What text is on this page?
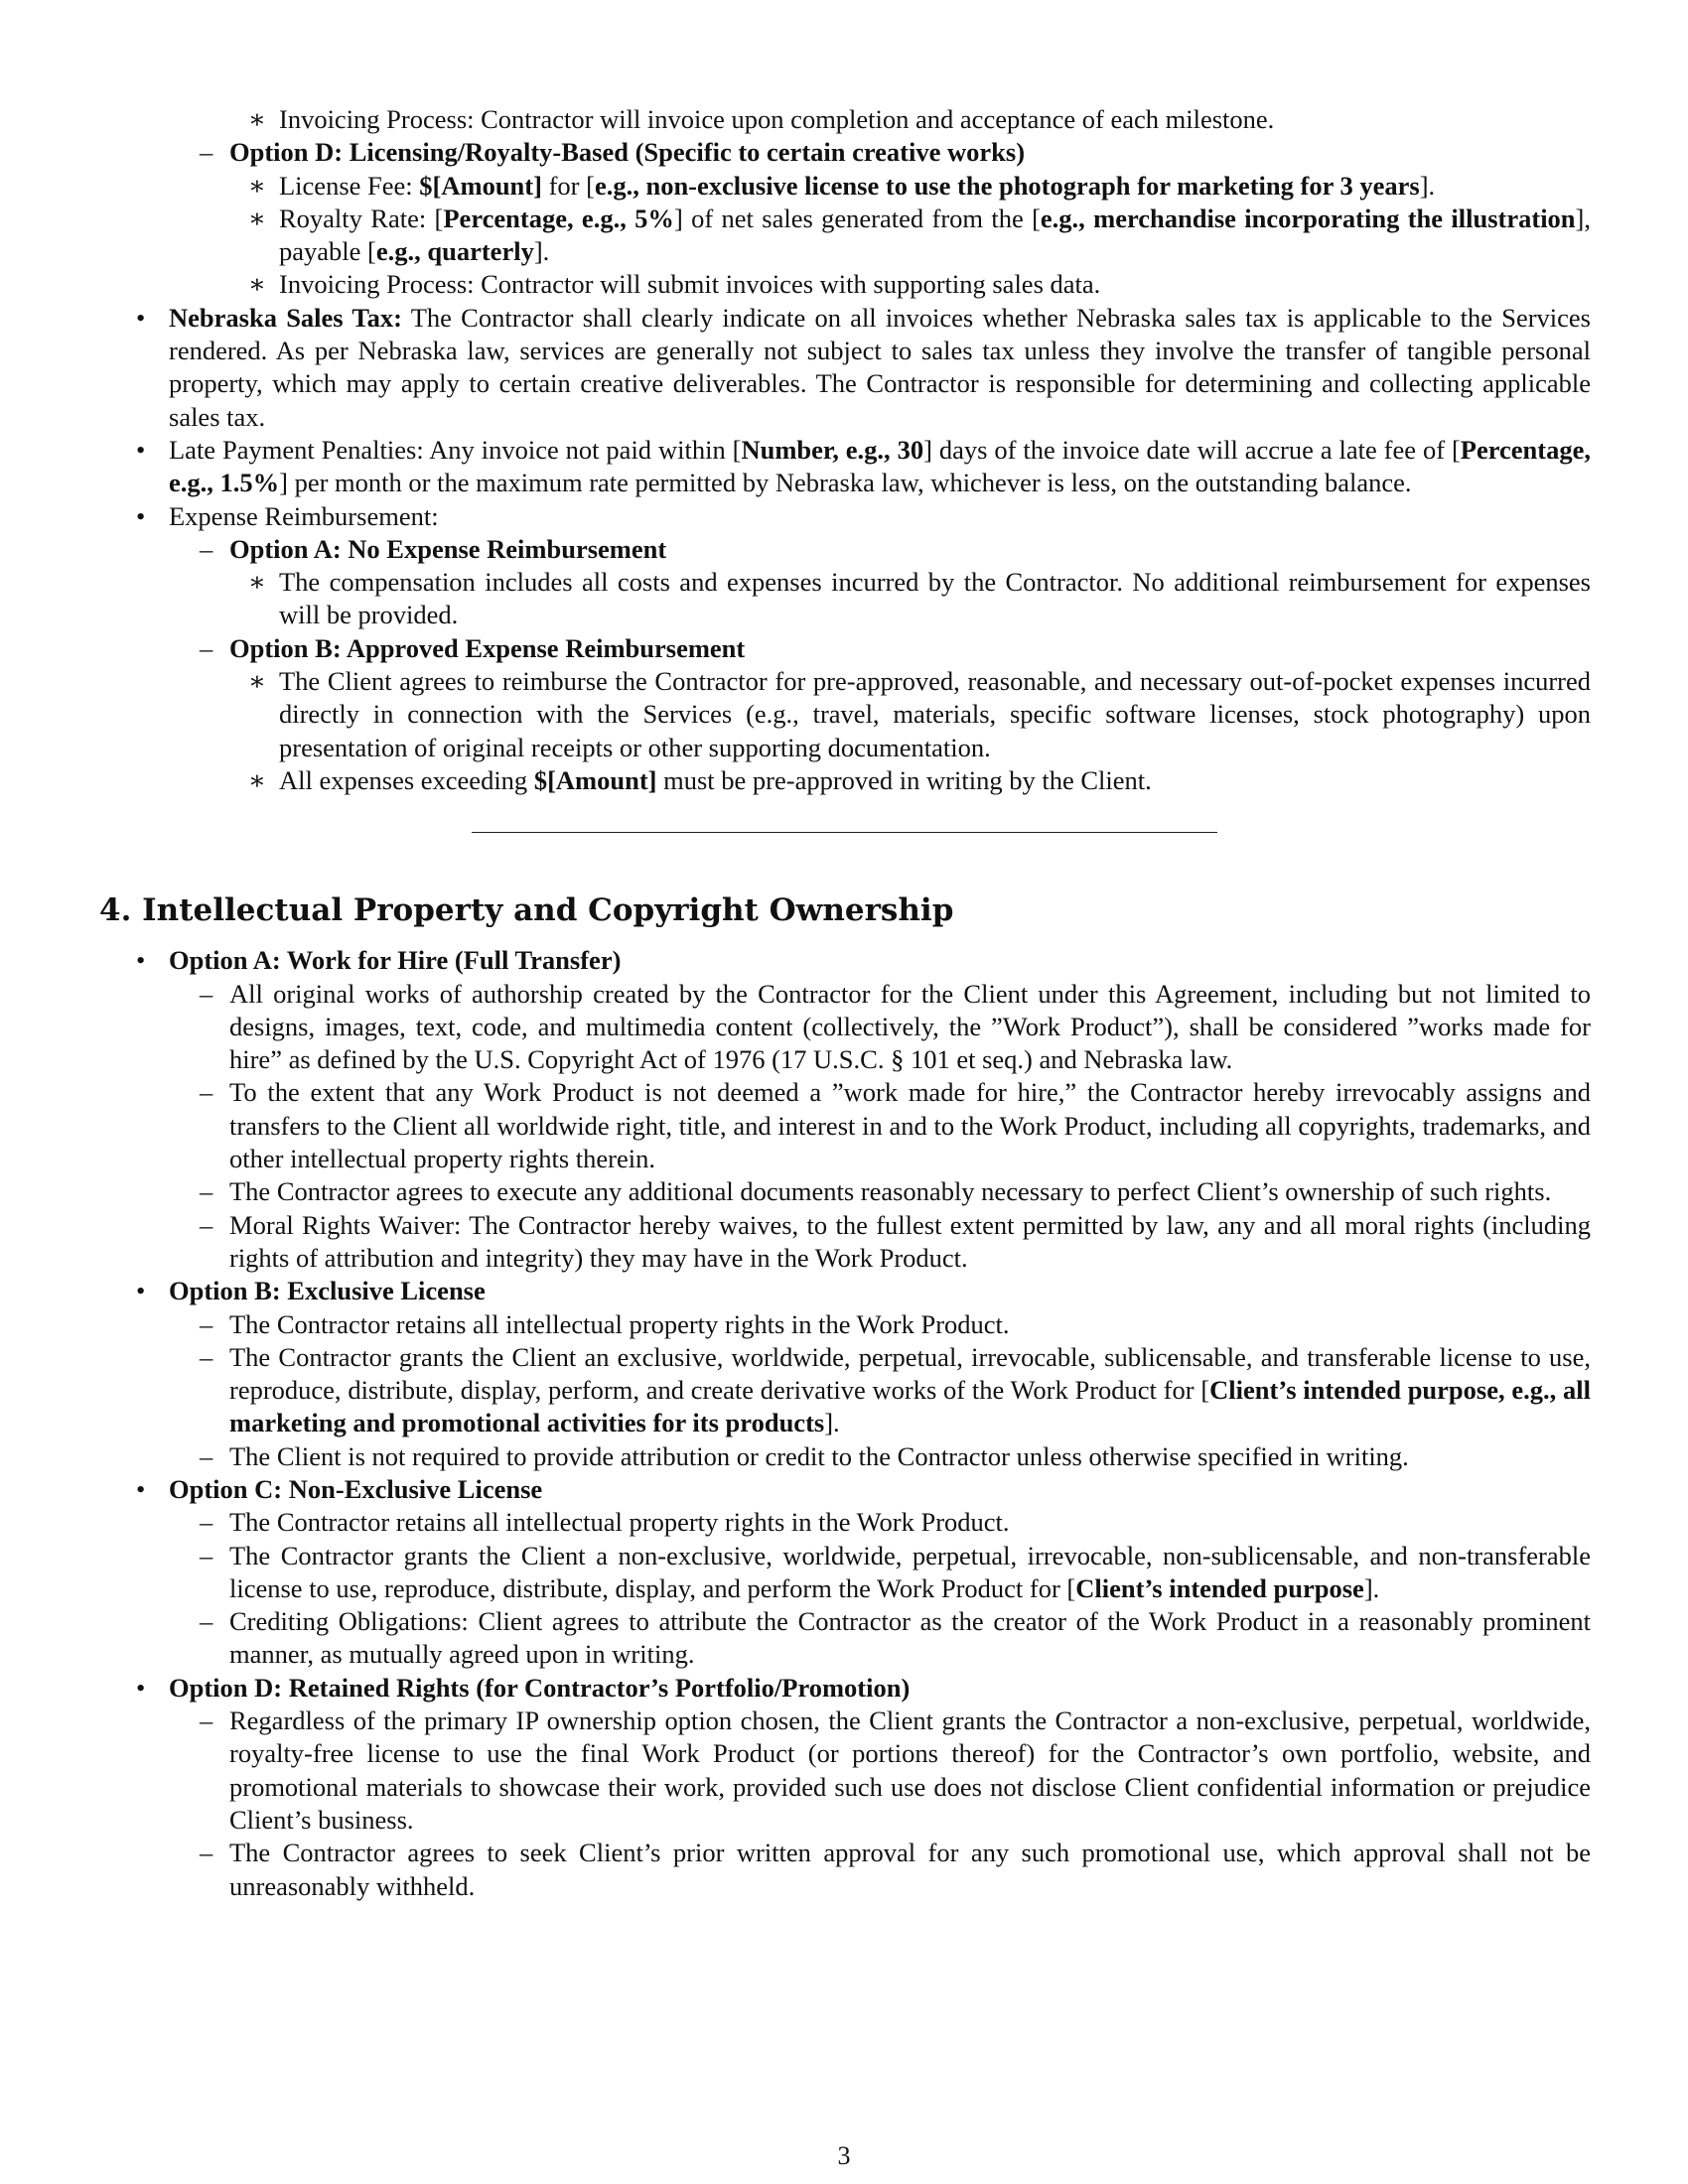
∗ Invoicing Process: Contractor will invoice upon completion and acceptance of each milestone.
– Option D: Licensing/Royalty-Based (Specific to certain creative works)
∗ License Fee: $[Amount] for [e.g., non-exclusive license to use the photograph for marketing for 3 years].
∗ Royalty Rate: [Percentage, e.g., 5%] of net sales generated from the [e.g., merchandise incorporating the illustration], payable [e.g., quarterly].
∗ Invoicing Process: Contractor will submit invoices with supporting sales data.
• Nebraska Sales Tax: The Contractor shall clearly indicate on all invoices whether Nebraska sales tax is applicable to the Services rendered. As per Nebraska law, services are generally not subject to sales tax unless they involve the transfer of tangible personal property, which may apply to certain creative deliverables. The Contractor is responsible for determining and collecting applicable sales tax.
• Late Payment Penalties: Any invoice not paid within [Number, e.g., 30] days of the invoice date will accrue a late fee of [Percentage, e.g., 1.5%] per month or the maximum rate permitted by Nebraska law, whichever is less, on the outstanding balance.
• Expense Reimbursement:
– Option A: No Expense Reimbursement
∗ The compensation includes all costs and expenses incurred by the Contractor. No additional reimbursement for expenses will be provided.
– Option B: Approved Expense Reimbursement
∗ The Client agrees to reimburse the Contractor for pre-approved, reasonable, and necessary out-of-pocket expenses incurred directly in connection with the Services (e.g., travel, materials, specific software licenses, stock photography) upon presentation of original receipts or other supporting documentation.
∗ All expenses exceeding $[Amount] must be pre-approved in writing by the Client.
4. Intellectual Property and Copyright Ownership
• Option A: Work for Hire (Full Transfer)
– All original works of authorship created by the Contractor for the Client under this Agreement, including but not limited to designs, images, text, code, and multimedia content (collectively, the ”Work Product”), shall be considered ”works made for hire” as defined by the U.S. Copyright Act of 1976 (17 U.S.C. § 101 et seq.) and Nebraska law.
– To the extent that any Work Product is not deemed a ”work made for hire,” the Contractor hereby irrevocably assigns and transfers to the Client all worldwide right, title, and interest in and to the Work Product, including all copyrights, trademarks, and other intellectual property rights therein.
– The Contractor agrees to execute any additional documents reasonably necessary to perfect Client’s ownership of such rights.
– Moral Rights Waiver: The Contractor hereby waives, to the fullest extent permitted by law, any and all moral rights (including rights of attribution and integrity) they may have in the Work Product.
• Option B: Exclusive License
– The Contractor retains all intellectual property rights in the Work Product.
– The Contractor grants the Client an exclusive, worldwide, perpetual, irrevocable, sublicensable, and transferable license to use, reproduce, distribute, display, perform, and create derivative works of the Work Product for [Client’s intended purpose, e.g., all marketing and promotional activities for its products].
– The Client is not required to provide attribution or credit to the Contractor unless otherwise specified in writing.
• Option C: Non-Exclusive License
– The Contractor retains all intellectual property rights in the Work Product.
– The Contractor grants the Client a non-exclusive, worldwide, perpetual, irrevocable, non-sublicensable, and non-transferable license to use, reproduce, distribute, display, and perform the Work Product for [Client’s intended purpose].
– Crediting Obligations: Client agrees to attribute the Contractor as the creator of the Work Product in a reasonably prominent manner, as mutually agreed upon in writing.
• Option D: Retained Rights (for Contractor’s Portfolio/Promotion)
– Regardless of the primary IP ownership option chosen, the Client grants the Contractor a non-exclusive, perpetual, worldwide, royalty-free license to use the final Work Product (or portions thereof) for the Contractor’s own portfolio, website, and promotional materials to showcase their work, provided such use does not disclose Client confidential information or prejudice Client’s business.
– The Contractor agrees to seek Client’s prior written approval for any such promotional use, which approval shall not be unreasonably withheld.
3
